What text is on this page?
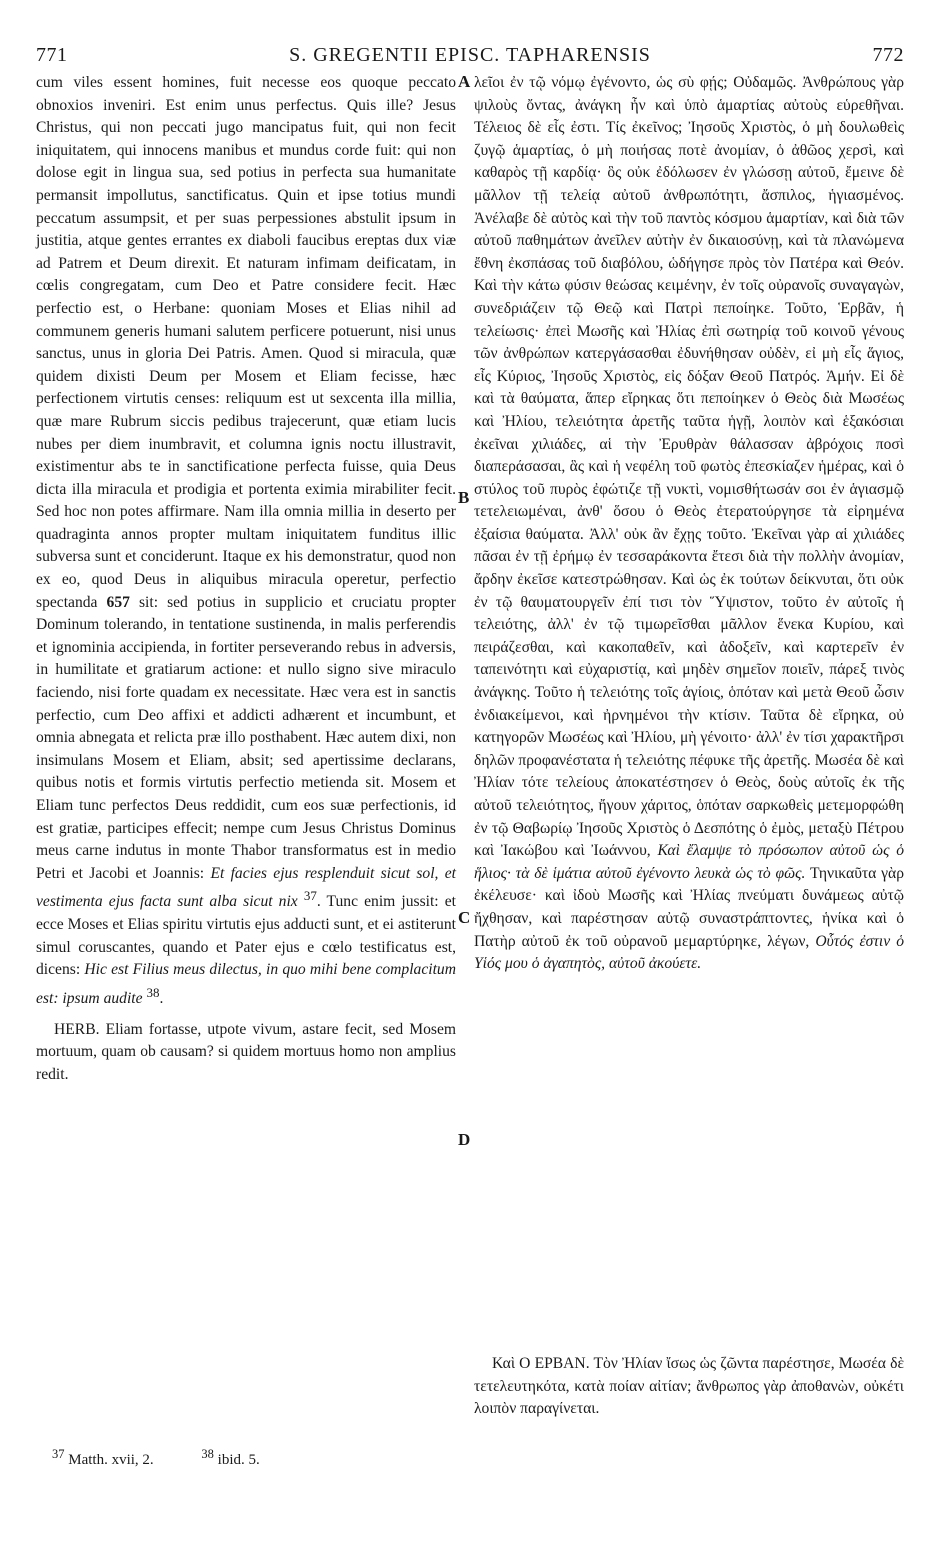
771	S. GREGENTII EPISC. TAPHARENSIS	772

cum viles essent homines, fuit necesse eos quoque peccato obnoxios inveniri. Est enim unus perfectus. Quis ille? Jesus Christus, qui non peccati jugo mancipatus fuit, qui non fecit iniquitatem, qui innocens manibus et mundus corde fuit: qui non dolose egit in lingua sua, sed potius in perfecta sua humanitate permansit impollutus, sanctificatus. Quin et ipse totius mundi peccatum assumpsit, et per suas perpessiones abstulit ipsum in justitia, atque gentes errantes ex diaboli faucibus ereptas dux viæ ad Patrem et Deum direxit. Et naturam infimam deificatam, in cœlis congregatam, cum Deo et Patre considere fecit. Hæc perfectio est, o Herbane: quoniam Moses et Elias nihil ad communem generis humani salutem perficere potuerunt, nisi unus sanctus, unus in gloria Dei Patris. Amen. Quod si miracula, quæ quidem dixisti Deum per Mosem et Eliam fecisse, hæc perfectionem virtutis censes: reliquum est ut sexcenta illa millia, quæ mare Rubrum siccis pedibus trajecerunt, quæ etiam lucis nubes per diem inumbravit, et columna ignis noctu illustravit, existimentur abs te in sanctificatione perfecta fuisse, quia Deus dicta illa miracula et prodigia et portenta eximia mirabiliter fecit. Sed hoc non potes affirmare. Nam illa omnia millia in deserto per quadraginta annos propter multam iniquitatem funditus illic subversa sunt et conciderunt. Itaque ex his demonstratur, quod non ex eo, quod Deus in aliquibus miracula operetur, perfectio spectanda 657 sit: sed potius in supplicio et cruciatu propter Dominum tolerando, in tentatione sustinenda, in malis perferendis et ignominia accipienda, in fortiter perseverando rebus in adversis, in humilitate et gratiarum actione: et nullo signo sive miraculo faciendo, nisi forte quadam ex necessitate. Hæc vera est in sanctis perfectio, cum Deo affixi et addicti adhærent et incumbunt, et omnia abnegata et relicta præ illo posthabent. Hæc autem dixi, non insimulans Mosem et Eliam, absit; sed apertissime declarans, quibus notis et formis virtutis perfectio metienda sit. Mosem et Eliam tunc perfectos Deus reddidit, cum eos suæ perfectionis, id est gratiæ, participes effecit; nempe cum Jesus Christus Dominus meus carne indutus in monte Thabor transformatus est in medio Petri et Jacobi et Joannis: Et facies ejus resplenduit sicut sol, et vestimenta ejus facta sunt alba sicut nix $^{37}$. Tunc enim jussit: et ecce Moses et Elias spiritu virtutis ejus adducti sunt, et ei astiterunt simul coruscantes, quando et Pater ejus e cœlo testificatus est, dicens: Hic est Filius meus dilectus, in quo mihi bene complacitum est: ipsum audite $^{38}$.

HERB. Eliam fortasse, utpote vivum, astare fecit, sed Mosem mortuum, quam ob causam? si quidem mortuus homo non amplius redit.

λεῖοι ἐν τῷ νόμῳ ἐγένοντο, ὡς σὺ φῄς; Οὐδαμῶς. Ἀνθρώπους γὰρ ψιλοὺς ὄντας, ἀνάγκη ἦν καὶ ὑπὸ ἁμαρτίας αὐτοὺς εὑρεθῆναι. Τέλειος δὲ εἷς ἐστι. Τίς ἐκεῖνος; Ἰησοῦς Χριστὸς, ὁ μὴ δουλωθεὶς ζυγῷ ἁμαρτίας, ὁ μὴ ποιήσας ποτὲ ἀνομίαν, ὁ ἀθῶος χερσὶ, καὶ καθαρὸς τῇ καρδίᾳ· ὃς οὐκ ἐδόλωσεν ἐν γλώσσῃ αὐτοῦ, ἔμεινε δὲ μᾶλλον τῇ τελείᾳ αὐτοῦ ἀνθρωπότητι, ἄσπιλος, ἡγιασμένος. Ἀνέλαβε δὲ αὐτὸς καὶ τὴν τοῦ παντὸς κόσμου ἁμαρτίαν, καὶ διὰ τῶν αὐτοῦ παθημάτων ἀνεῖλεν αὐτὴν ἐν δικαιοσύνῃ, καὶ τὰ πλανώμενα ἔθνη ἐκσπάσας τοῦ διαβόλου, ὡδήγησε πρὸς τὸν Πατέρα καὶ Θεόν. Καὶ τὴν κάτω φύσιν θεώσας κειμένην, ἐν τοῖς οὐρανοῖς συναγαγὼν, συνεδριάζειν τῷ Θεῷ καὶ Πατρὶ πεποίηκε. Τοῦτο, Ἑρβᾶν, ἡ τελείωσις· ἐπεὶ Μωσῆς καὶ Ἠλίας ἐπὶ σωτηρίᾳ τοῦ κοινοῦ γένους τῶν ἀνθρώπων κατεργάσασθαι ἐδυνήθησαν οὐδὲν, εἰ μὴ εἷς ἅγιος, εἷς Κύριος, Ἰησοῦς Χριστὸς, εἰς δόξαν Θεοῦ Πατρός. Ἀμήν. Εἰ δὲ καὶ τὰ θαύματα, ἅπερ εἴρηκας ὅτι πεποίηκεν ὁ Θεὸς διὰ Μωσέως καὶ Ἠλίου, τελειότητα ἀρετῆς ταῦτα ἡγῇ, λοιπὸν καὶ ἑξακόσιαι ἐκεῖναι χιλιάδες, αἱ τὴν Ἐρυθρὰν θάλασσαν ἀβρόχοις ποσὶ διαπεράσασαι, ἃς καὶ ἡ νεφέλη τοῦ φωτὸς ἐπεσκίαζεν ἡμέρας, καὶ ὁ στύλος τοῦ πυρὸς ἐφώτιζε τῇ νυκτὶ, νομισθήτωσάν σοι ἐν ἁγιασμῷ τετελειωμέναι, ἀνθ' ὅσου ὁ Θεὸς ἐτερατούργησε τὰ εἰρημένα ἐξαίσια θαύματα. Ἀλλ' οὐκ ἂν ἔχῃς τοῦτο. Ἐκεῖναι γὰρ αἱ χιλιάδες πᾶσαι ἐν τῇ ἐρήμῳ ἐν τεσσαράκοντα ἔτεσι διὰ τὴν πολλὴν ἀνομίαν, ἄρδην ἐκεῖσε κατεστρώθησαν. Καὶ ὡς ἐκ τούτων δείκνυται, ὅτι οὐκ ἐν τῷ θαυματουργεῖν ἐπί τισι τὸν Ὕψιστον, τοῦτο ἐν αὐτοῖς ἡ τελειότης, ἀλλ' ἐν τῷ τιμωρεῖσθαι μᾶλλον ἕνεκα Κυρίου, καὶ πειράζεσθαι, καὶ κακοπαθεῖν, καὶ ἀδοξεῖν, καὶ καρτερεῖν ἐν ταπεινότητι καὶ εὐχαριστίᾳ, καὶ μηδὲν σημεῖον ποιεῖν, πάρεξ τινὸς ἀνάγκης. Τοῦτο ἡ τελειότης τοῖς ἁγίοις, ὁπόταν καὶ μετὰ Θεοῦ ὦσιν ἐνδιακείμενοι, καὶ ἠρνημένοι τὴν κτίσιν. Ταῦτα δὲ εἴρηκα, οὐ κατηγορῶν Μωσέως καὶ Ἠλίου, μὴ γένοιτο· ἀλλ' ἐν τίσι χαρακτῆρσι δηλῶν προφανέστατα ἡ τελειότης πέφυκε τῆς ἀρετῆς. Μωσέα δὲ καὶ Ἠλίαν τότε τελείους ἀποκατέστησεν ὁ Θεὸς, δοὺς αὐτοῖς ἐκ τῆς αὐτοῦ τελειότητος, ἤγουν χάριτος, ὁπόταν σαρκωθεὶς μετεμορφώθη ἐν τῷ Θαβωρίῳ Ἰησοῦς Χριστὸς ὁ Δεσπότης ὁ ἐμὸς, μεταξὺ Πέτρου καὶ Ἰακώβου καὶ Ἰωάννου, Καὶ ἔλαμψε τὸ πρόσωπον αὐτοῦ ὡς ὁ ἥλιος· τὰ δὲ ἱμάτια αὐτοῦ ἐγένοντο λευκὰ ὡς τὸ φῶς. Τηνικαῦτα γὰρ ἐκέλευσε· καὶ ἰδοὺ Μωσῆς καὶ Ἠλίας πνεύματι δυνάμεως αὐτῷ ἤχθησαν, καὶ παρέστησαν αὐτῷ συναστράπτοντες, ἡνίκα καὶ ὁ Πατὴρ αὐτοῦ ἐκ τοῦ οὐρανοῦ μεμαρτύρηκε, λέγων, Οὗτός ἐστιν ὁ Υἱός μου ὁ ἀγαπητὸς, αὐτοῦ ἀκούετε.

Καὶ Ο ΕΡΒΑΝ. Τὸν Ἠλίαν ἴσως ὡς ζῶντα παρέστησε, Μωσέα δὲ τετελευτηκότα, κατὰ ποίαν αἰτίαν; ἄνθρωπος γὰρ ἀποθανὼν, οὐκέτι λοιπὸν παραγίνεται.

A
B
C
D
$^{37}$ Matth. xvii, 2.	$^{38}$ ibid. 5.
